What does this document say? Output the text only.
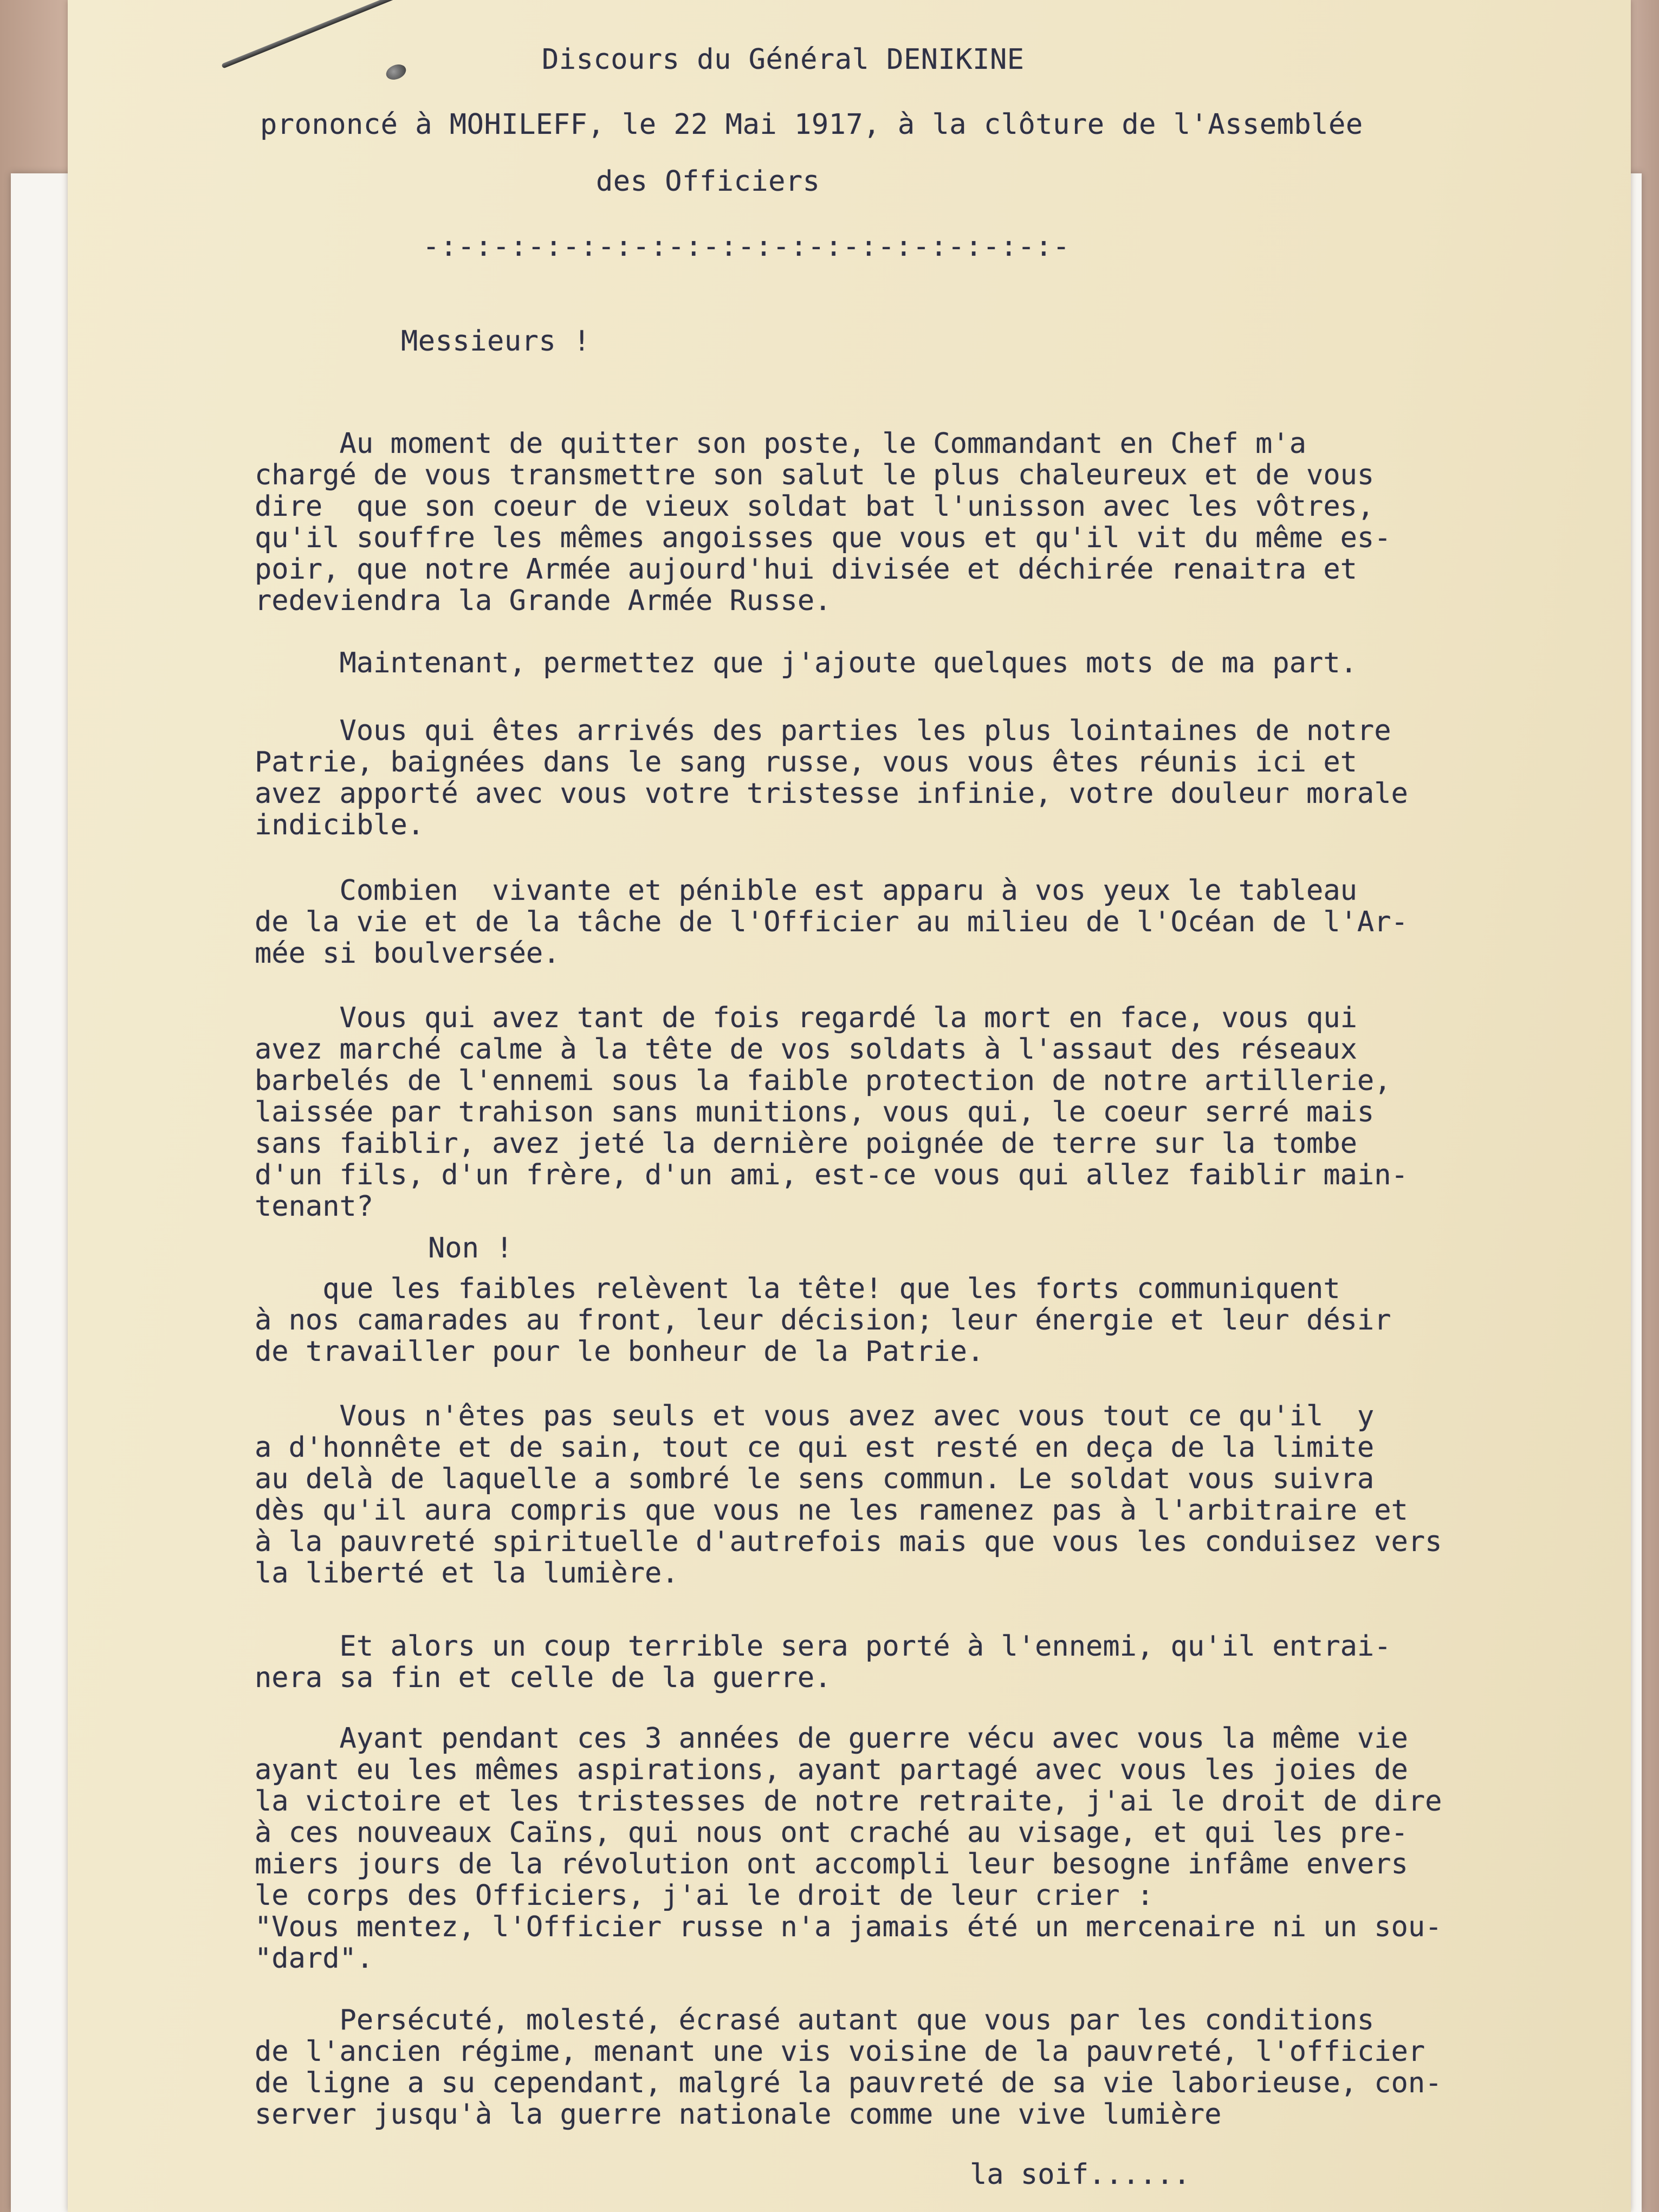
Discours du Général DENIKINE
prononcé à MOHILEFF, le 22 Mai 1917, à la clôture de l'Assemblée
des Officiers
-:-:-:-:-:-:-:-:-:-:-:-:-:-:-:-:-:-:-
Messieurs !
Au moment de quitter son poste, le Commandant en Chef m'a
chargé de vous transmettre son salut le plus chaleureux et de vous
dire  que son coeur de vieux soldat bat l'unisson avec les vôtres,
qu'il souffre les mêmes angoisses que vous et qu'il vit du même es-
poir, que notre Armée aujourd'hui divisée et déchirée renaitra et
redeviendra la Grande Armée Russe.
Maintenant, permettez que j'ajoute quelques mots de ma part.
Vous qui êtes arrivés des parties les plus lointaines de notre
Patrie, baignées dans le sang russe, vous vous êtes réunis ici et
avez apporté avec vous votre tristesse infinie, votre douleur morale
indicible.
Combien  vivante et pénible est apparu à vos yeux le tableau
de la vie et de la tâche de l'Officier au milieu de l'Océan de l'Ar-
mée si boulversée.
Vous qui avez tant de fois regardé la mort en face, vous qui
avez marché calme à la tête de vos soldats à l'assaut des réseaux
barbelés de l'ennemi sous la faible protection de notre artillerie,
laissée par trahison sans munitions, vous qui, le coeur serré mais
sans faiblir, avez jeté la dernière poignée de terre sur la tombe
d'un fils, d'un frère, d'un ami, est-ce vous qui allez faiblir main-
tenant?
Non !
que les faibles relèvent la tête! que les forts communiquent
à nos camarades au front, leur décision; leur énergie et leur désir
de travailler pour le bonheur de la Patrie.
Vous n'êtes pas seuls et vous avez avec vous tout ce qu'il  y
a d'honnête et de sain, tout ce qui est resté en deça de la limite
au delà de laquelle a sombré le sens commun. Le soldat vous suivra
dès qu'il aura compris que vous ne les ramenez pas à l'arbitraire et
à la pauvreté spirituelle d'autrefois mais que vous les conduisez vers
la liberté et la lumière.
Et alors un coup terrible sera porté à l'ennemi, qu'il entrai-
nera sa fin et celle de la guerre.
Ayant pendant ces 3 années de guerre vécu avec vous la même vie
ayant eu les mêmes aspirations, ayant partagé avec vous les joies de
la victoire et les tristesses de notre retraite, j'ai le droit de dire
à ces nouveaux Caïns, qui nous ont craché au visage, et qui les pre-
miers jours de la révolution ont accompli leur besogne infâme envers
le corps des Officiers, j'ai le droit de leur crier :
"Vous mentez, l'Officier russe n'a jamais été un mercenaire ni un sou-
"dard".
Persécuté, molesté, écrasé autant que vous par les conditions
de l'ancien régime, menant une vis voisine de la pauvreté, l'officier
de ligne a su cependant, malgré la pauvreté de sa vie laborieuse, con-
server jusqu'à la guerre nationale comme une vive lumière
la soif......
